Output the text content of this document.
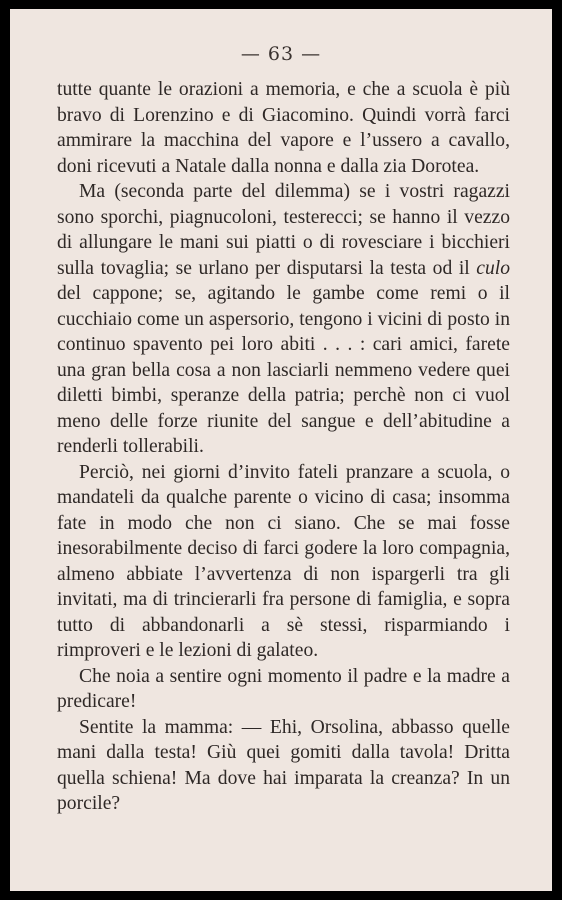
— 63 —

tutte quante le orazioni a memoria, e che a scuola è più bravo di Lorenzino e di Giacomino. Quindi vorrà farci ammirare la macchina del vapore e l’ussero a cavallo, doni ricevuti a Natale dalla nonna e dalla zia Dorotea.

Ma (seconda parte del dilemma) se i vostri ragazzi sono sporchi, piagnucoloni, testerecci; se hanno il vezzo di allungare le mani sui piatti o di rovesciare i bicchieri sulla tovaglia; se urlano per disputarsi la testa od il culo del cappone; se, agitando le gambe come remi o il cucchiaio come un aspersorio, tengono i vicini di posto in continuo spavento pei loro abiti . . . : cari amici, farete una gran bella cosa a non lasciarli nemmeno vedere quei diletti bimbi, speranze della patria; perchè non ci vuol meno delle forze riunite del sangue e dell’abitudine a renderli tollerabili.

Perciò, nei giorni d’invito fateli pranzare a scuola, o mandateli da qualche parente o vicino di casa; insomma fate in modo che non ci siano. Che se mai fosse inesorabilmente deciso di farci godere la loro compagnia, almeno abbiate l’avvertenza di non ispargerli tra gli invitati, ma di trincierarli fra persone di famiglia, e sopra tutto di abbandonarli a sè stessi, risparmiando i rimproveri e le lezioni di galateo.

Che noia a sentire ogni momento il padre e la madre a predicare!

Sentite la mamma: — Ehi, Orsolina, abbasso quelle mani dalla testa! Giù quei gomiti dalla tavola! Dritta quella schiena! Ma dove hai imparata la creanza? In un porcile?
